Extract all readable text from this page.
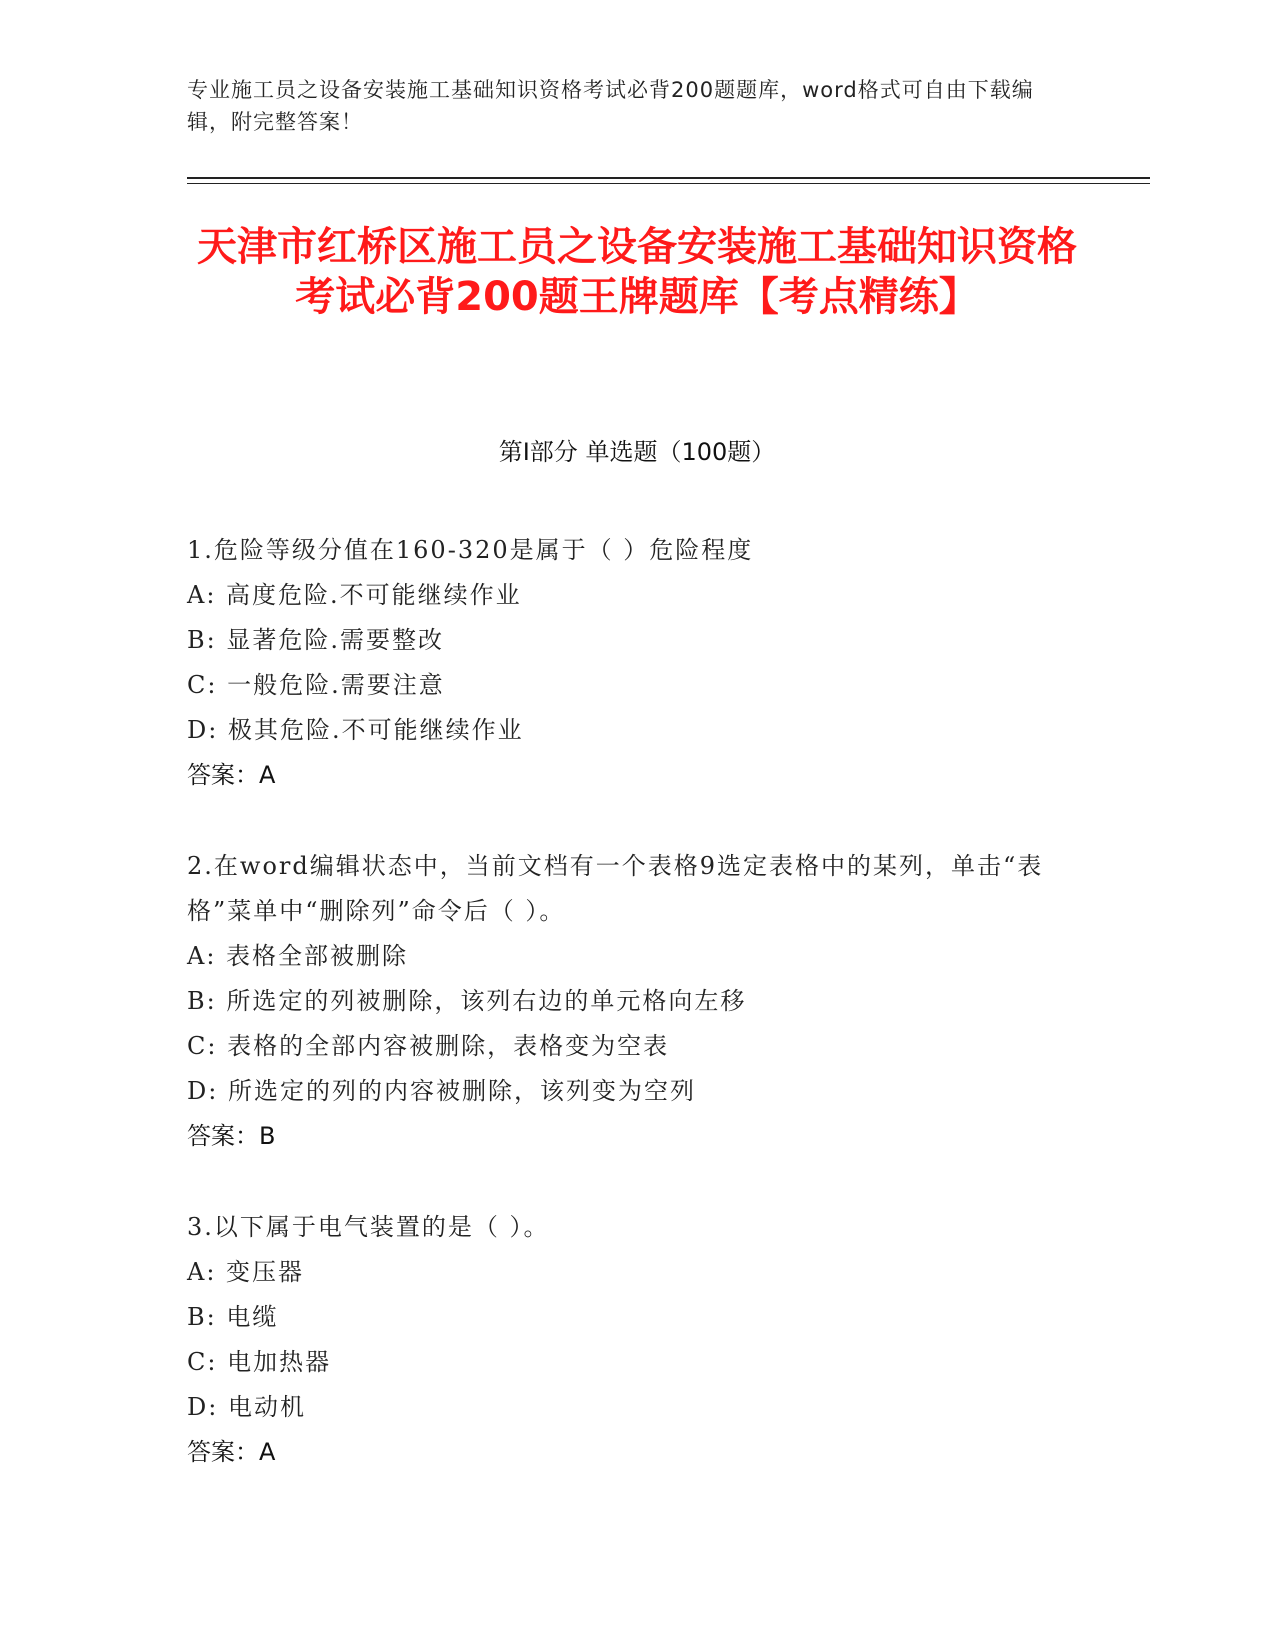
专业施工员之设备安装施工基础知识资格考试必背200题题库，word格式可自由下载编辑，附完整答案！
天津市红桥区施工员之设备安装施工基础知识资格考试必背200题王牌题库【考点精练】
第I部分 单选题（100题）
1.危险等级分值在160-320是属于（ ）危险程度
A: 高度危险.不可能继续作业
B: 显著危险.需要整改
C: 一般危险.需要注意
D: 极其危险.不可能继续作业
答案：A
2.在word编辑状态中，当前文档有一个表格9选定表格中的某列，单击“表格”菜单中“删除列”命令后（ ）。
A: 表格全部被删除
B: 所选定的列被删除，该列右边的单元格向左移
C: 表格的全部内容被删除，表格变为空表
D: 所选定的列的内容被删除，该列变为空列
答案：B
3.以下属于电气装置的是（ ）。
A: 变压器
B: 电缆
C: 电加热器
D: 电动机
答案：A
